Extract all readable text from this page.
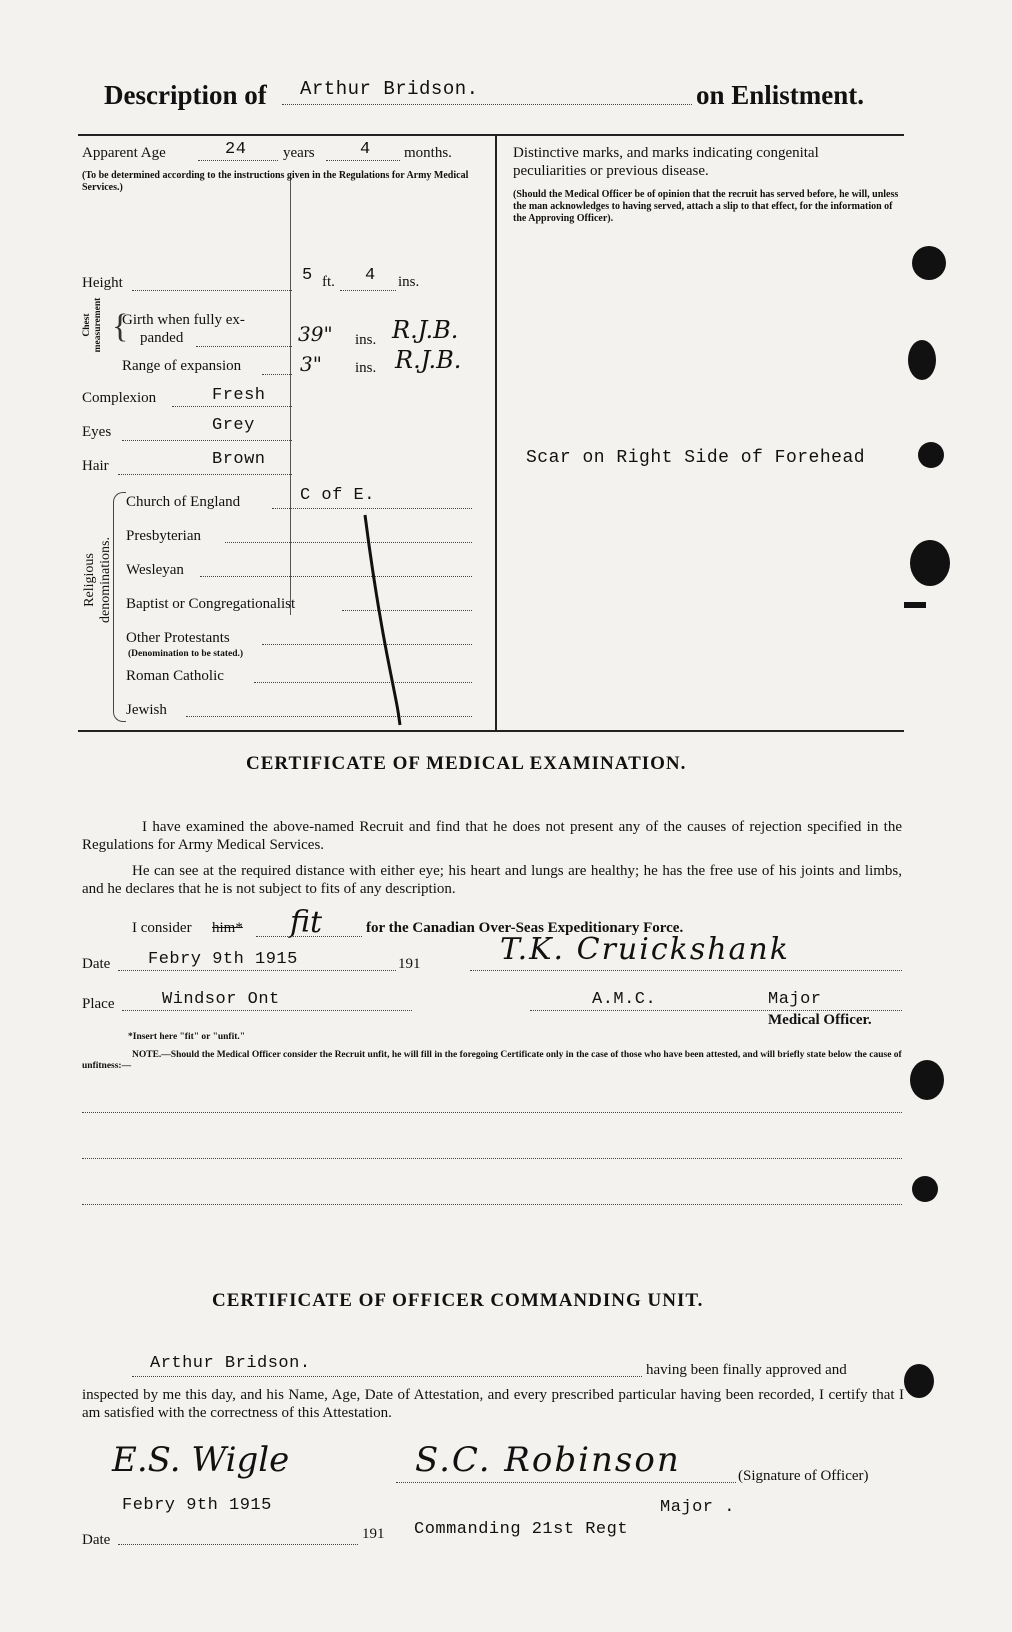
Description of Arthur Bridson.	on Enlistment.
Apparent Age	24 years	4 months.
(To be determined according to the instructions given in the Regulations for Army Medical Services.)
Height	5 ft. 4 ins.
Chest measurement {
Girth when fully ex-
panded	39" ins. R.J.B.
Range of expansion	3" ins. R.J.B.
Complexion	Fresh
Eyes	Grey
Hair	Brown
Religious denominations.
Church of England	C of E.
Presbyterian
Wesleyan
Baptist or Congregationalist
Other Protestants
(Denomination to be stated.)
Roman Catholic
Jewish
Distinctive marks, and marks indicating congenital
peculiarities or previous disease.
(Should the Medical Officer be of opinion that the recruit has served before, he will, unless the man acknowledges to having served, attach a slip to that effect, for the information of the Approving Officer).
Scar on Right Side of Forehead
CERTIFICATE OF MEDICAL EXAMINATION.
I have examined the above-named Recruit and find that he does not present any of the causes of rejection specified in the Regulations for Army Medical Services.
He can see at the required distance with either eye; his heart and lungs are healthy; he has the free use of his joints and limbs, and he declares that he is not subject to fits of any description.
I consider him* fit	for the Canadian Over-Seas Expeditionary Force.
Date Febry 9th 1915	191	T.K. Cruickshank
Place	Windsor Ont	A.M.C.	Major
Medical Officer.
*Insert here "fit" or "unfit."
NOTE.—Should the Medical Officer consider the Recruit unfit, he will fill in the foregoing Certificate only in the case of those who have been attested, and will briefly state below the cause of unfitness:—
CERTIFICATE OF OFFICER COMMANDING UNIT.
Arthur Bridson.	having been finally approved and
inspected by me this day, and his Name, Age, Date of Attestation, and every prescribed particular having been recorded, I certify that I am satisfied with the correctness of this Attestation.
E.S. Wigle	S.C. Robinson	(Signature of Officer)
Febry 9th 1915	Major .
Date	191 Commanding 21st Regt
